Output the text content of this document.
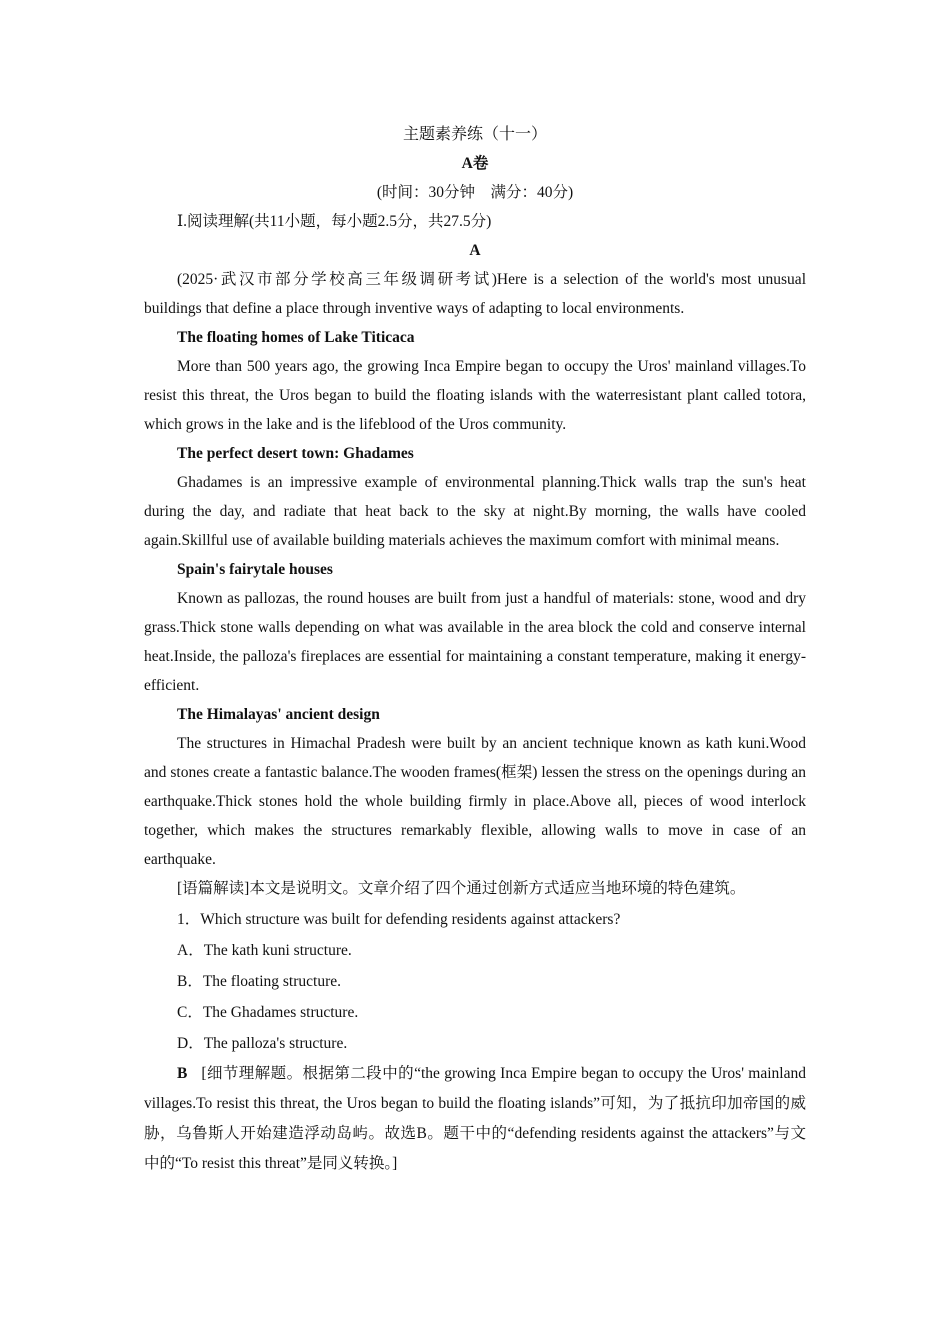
主题素养练（十一）
A卷
(时间：30分钟　满分：40分)
Ⅰ.阅读理解(共11小题，每小题2.5分，共27.5分)
A

(2025·武汉市部分学校高三年级调研考试)Here is a selection of the world's most unusual buildings that define a place through inventive ways of adapting to local environments.

The floating homes of Lake Titicaca

More than 500 years ago, the growing Inca Empire began to occupy the Uros' mainland villages.To resist this threat, the Uros began to build the floating islands with the waterresistant plant called totora, which grows in the lake and is the lifeblood of the Uros community.

The perfect desert town: Ghadames

Ghadames is an impressive example of environmental planning.Thick walls trap the sun's heat during the day, and radiate that heat back to the sky at night.By morning, the walls have cooled again.Skillful use of available building materials achieves the maximum comfort with minimal means.

Spain's fairytale houses

Known as pallozas, the round houses are built from just a handful of materials: stone, wood and dry grass.Thick stone walls depending on what was available in the area block the cold and conserve internal heat.Inside, the palloza's fireplaces are essential for maintaining a constant temperature, making it energyefficient.

The Himalayas' ancient design

The structures in Himachal Pradesh were built by an ancient technique known as kath kuni.Wood and stones create a fantastic balance.The wooden frames(框架) lessen the stress on the openings during an earthquake.Thick stones hold the whole building firmly in place.Above all, pieces of wood interlock together, which makes the structures remarkably flexible, allowing walls to move in case of an earthquake.

[语篇解读]本文是说明文。文章介绍了四个通过创新方式适应当地环境的特色建筑。

1．Which structure was built for defending residents against attackers?

A．The kath kuni structure.

B．The floating structure.

C．The Ghadames structure.

D．The palloza's structure.

B [细节理解题。根据第二段中的“the growing Inca Empire began to occupy the Uros' mainland villages.To resist this threat, the Uros began to build the floating islands”可知，为了抵抗印加帝国的威胁，乌鲁斯人开始建造浮动岛屿。故选B。题干中的“defending residents against the attackers”与文中的“To resist this threat”是同义转换。]
